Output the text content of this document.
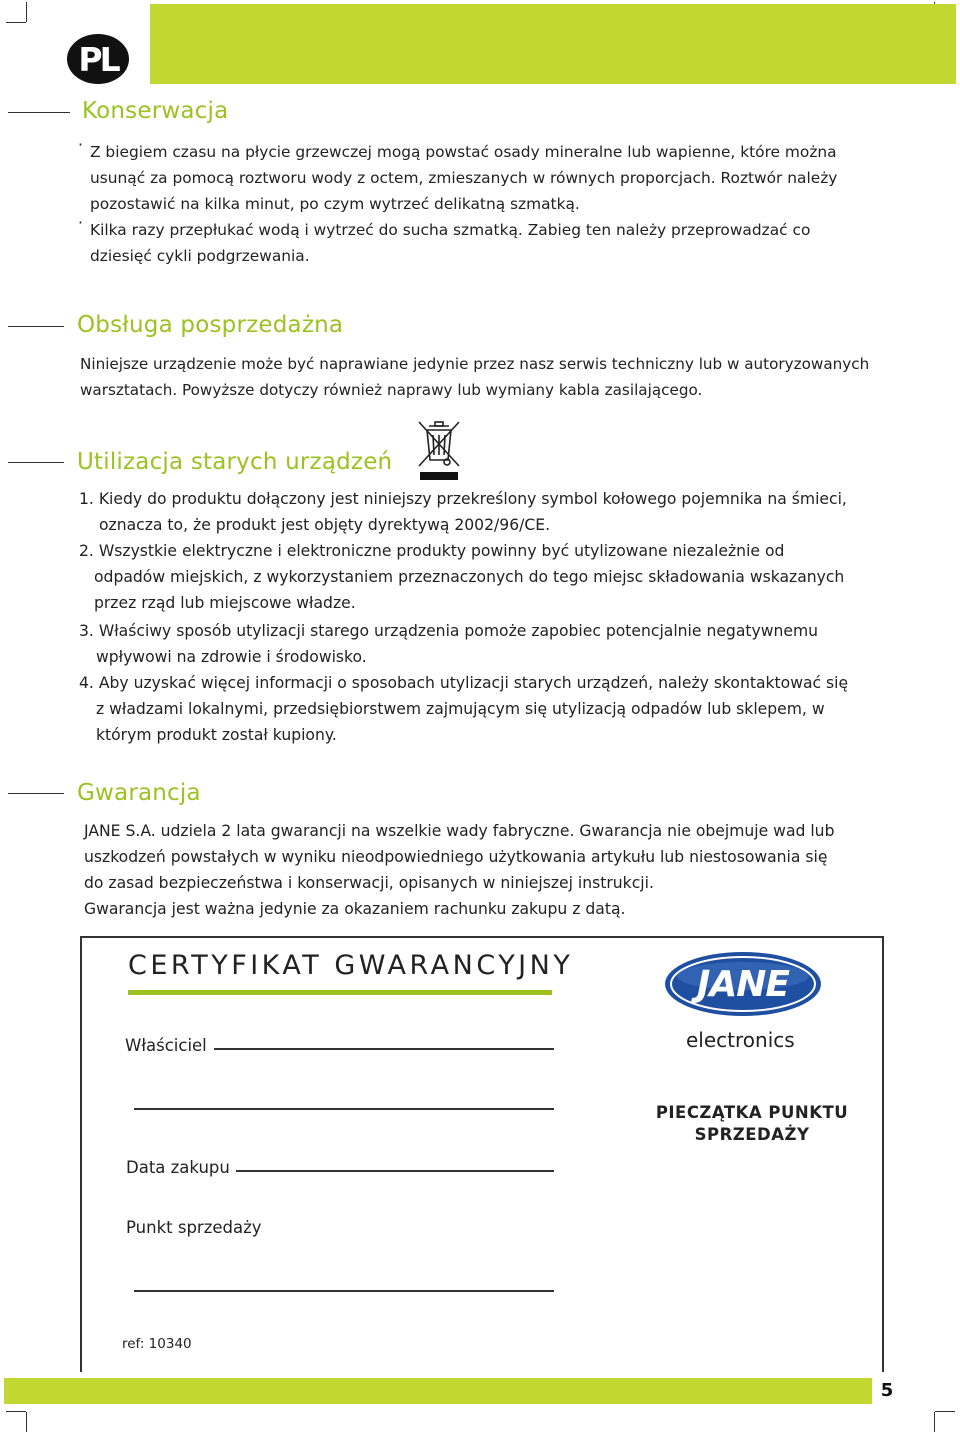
PL
Konserwacja
· Z biegiem czasu na płycie grzewczej mogą powstać osady mineralne lub wapienne, które można
usunąć za pomocą roztworu wody z octem, zmieszanych w równych proporcjach. Roztwór należy
pozostawić na kilka minut, po czym wytrzeć delikatną szmatką.
· Kilka razy przepłukać wodą i wytrzeć do sucha szmatką. Zabieg ten należy przeprowadzać co
dziesięć cykli podgrzewania.
Obsługa posprzedażna
Niniejsze urządzenie może być naprawiane jedynie przez nasz serwis techniczny lub w autoryzowanych
warsztatach. Powyższe dotyczy również naprawy lub wymiany kabla zasilającego.
Utilizacja starych urządzeń
1. Kiedy do produktu dołączony jest niniejszy przekreślony symbol kołowego pojemnika na śmieci,
oznacza to, że produkt jest objęty dyrektywą 2002/96/CE.
2. Wszystkie elektryczne i elektroniczne produkty powinny być utylizowane niezależnie od
odpadów miejskich, z wykorzystaniem przeznaczonych do tego miejsc składowania wskazanych
przez rząd lub miejscowe władze.
3. Właściwy sposób utylizacji starego urządzenia pomoże zapobiec potencjalnie negatywnemu
wpływowi na zdrowie i środowisko.
4. Aby uzyskać więcej informacji o sposobach utylizacji starych urządzeń, należy skontaktować się
z władzami lokalnymi, przedsiębiorstwem zajmującym się utylizacją odpadów lub sklepem, w
którym produkt został kupiony.
Gwarancja
JANE S.A. udziela 2 lata gwarancji na wszelkie wady fabryczne. Gwarancja nie obejmuje wad lub
uszkodzeń powstałych w wyniku nieodpowiedniego użytkowania artykułu lub niestosowania się
do zasad bezpieczeństwa i konserwacji, opisanych w niniejszej instrukcji.
Gwarancja jest ważna jedynie za okazaniem rachunku zakupu z datą.
CERTYFIKAT GWARANCYJNY
Właściciel
Data zakupu
Punkt sprzedaży
JANE
electronics
PIECZĄTKA PUNKTU
SPRZEDAŻY
ref: 10340
5
